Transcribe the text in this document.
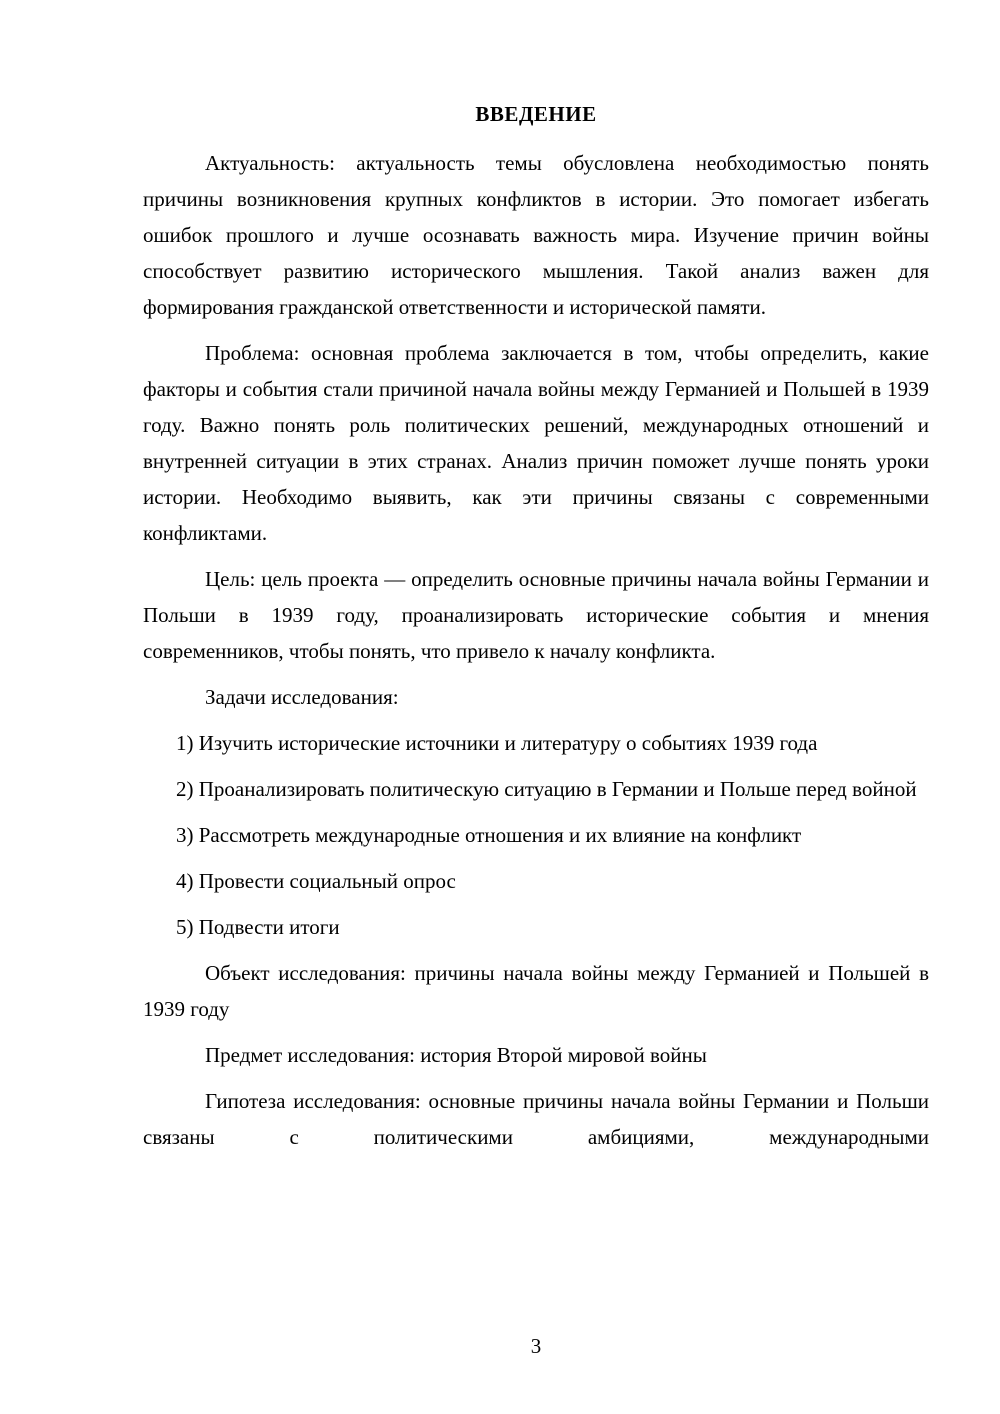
ВВЕДЕНИЕ

Актуальность: актуальность темы обусловлена необходимостью понять причины возникновения крупных конфликтов в истории. Это помогает избегать ошибок прошлого и лучше осознавать важность мира. Изучение причин войны способствует развитию исторического мышления. Такой анализ важен для формирования гражданской ответственности и исторической памяти.

Проблема: основная проблема заключается в том, чтобы определить, какие факторы и события стали причиной начала войны между Германией и Польшей в 1939 году. Важно понять роль политических решений, международных отношений и внутренней ситуации в этих странах. Анализ причин поможет лучше понять уроки истории. Необходимо выявить, как эти причины связаны с современными конфликтами.

Цель: цель проекта — определить основные причины начала войны Германии и Польши в 1939 году, проанализировать исторические события и мнения современников, чтобы понять, что привело к началу конфликта.

Задачи исследования:

1) Изучить исторические источники и литературу о событиях 1939 года

2) Проанализировать политическую ситуацию в Германии и Польше перед войной

3) Рассмотреть международные отношения и их влияние на конфликт

4) Провести социальный опрос

5) Подвести итоги

Объект исследования: причины начала войны между Германией и Польшей в 1939 году

Предмет исследования: история Второй мировой войны

Гипотеза исследования: основные причины начала войны Германии и Польши связаны с политическими амбициями, международными

3
